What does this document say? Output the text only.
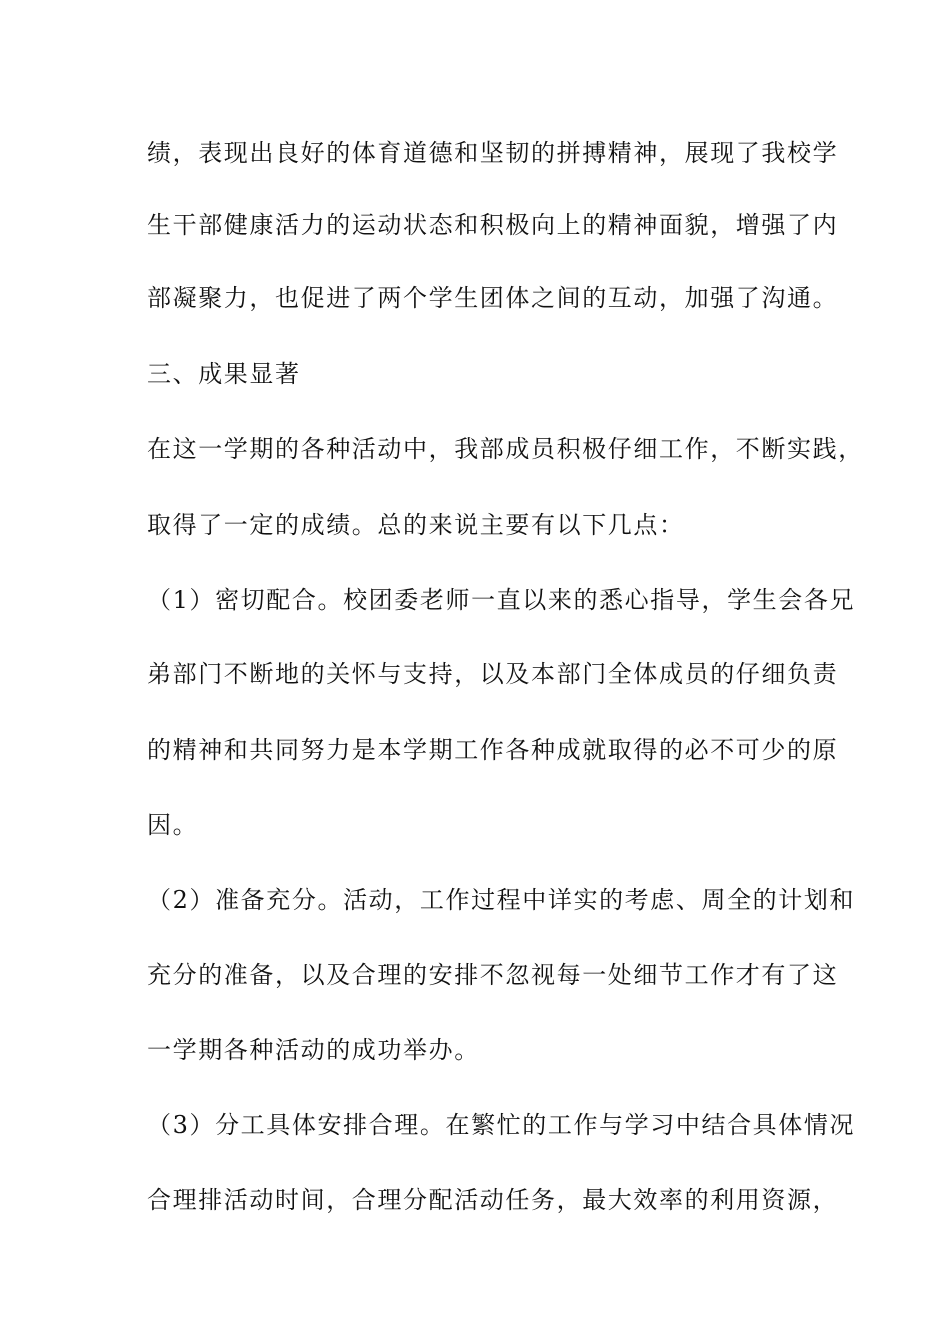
绩，表现出良好的体育道德和坚韧的拼搏精神，展现了我校学
生干部健康活力的运动状态和积极向上的精神面貌，增强了内
部凝聚力，也促进了两个学生团体之间的互动，加强了沟通。
三、成果显著
在这一学期的各种活动中，我部成员积极仔细工作，不断实践，
取得了一定的成绩。总的来说主要有以下几点：
（1）密切配合。校团委老师一直以来的悉心指导，学生会各兄
弟部门不断地的关怀与支持，以及本部门全体成员的仔细负责
的精神和共同努力是本学期工作各种成就取得的必不可少的原
因。
（2）准备充分。活动，工作过程中详实的考虑、周全的计划和
充分的准备，以及合理的安排不忽视每一处细节工作才有了这
一学期各种活动的成功举办。
（3）分工具体安排合理。在繁忙的工作与学习中结合具体情况
合理排活动时间，合理分配活动任务，最大效率的利用资源，
